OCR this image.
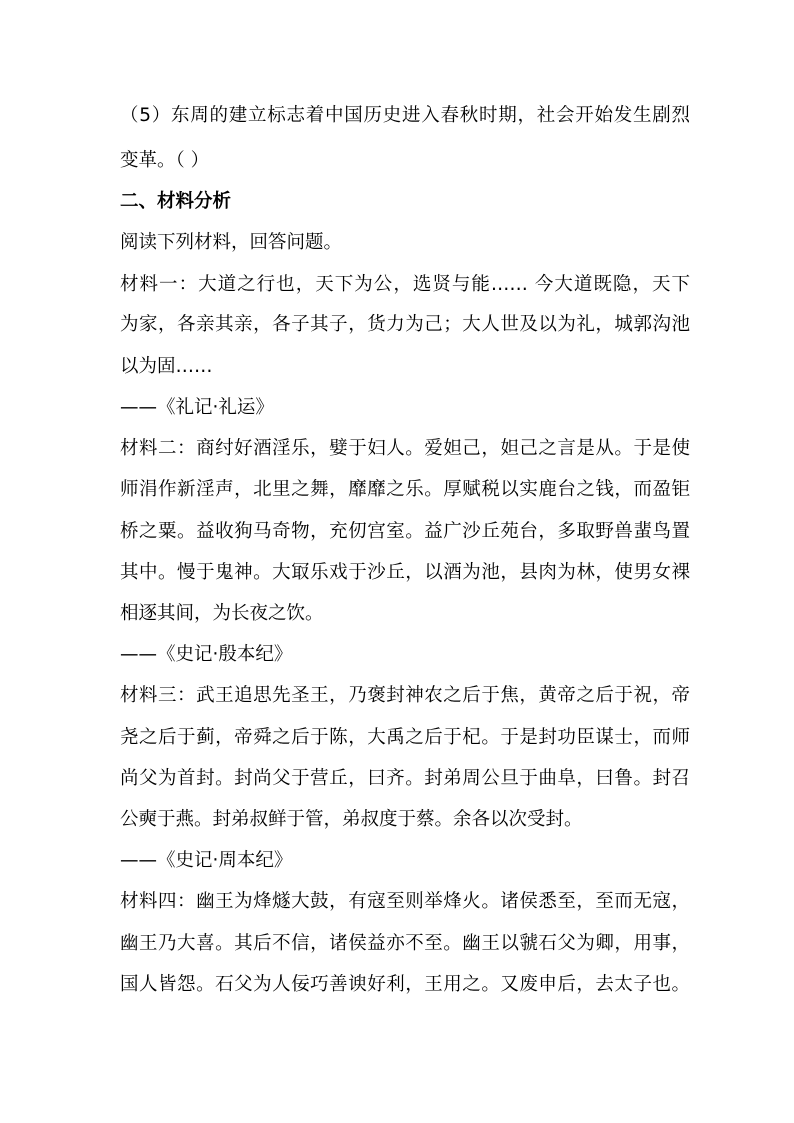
（5）东周的建立标志着中国历史进入春秋时期，社会开始发生剧烈
变革。（ ）
二、材料分析
阅读下列材料，回答问题。
材料一：大道之行也，天下为公，选贤与能…… 今大道既隐，天下
为家，各亲其亲，各子其子，货力为己；大人世及以为礼，城郭沟池
以为固……
——《礼记·礼运》
材料二：商纣好酒淫乐，嬖于妇人。爱妲己，妲己之言是从。于是使
师涓作新淫声，北里之舞，靡靡之乐。厚赋税以实鹿台之钱，而盈钜
桥之粟。益收狗马奇物，充仞宫室。益广沙丘苑台，多取野兽蜚鸟置
其中。慢于鬼神。大冣乐戏于沙丘，以酒为池，县肉为林，使男女裸
相逐其间，为长夜之饮。
——《史记·殷本纪》
材料三：武王追思先圣王，乃褒封神农之后于焦，黄帝之后于祝，帝
尧之后于蓟，帝舜之后于陈，大禹之后于杞。于是封功臣谋士，而师
尚父为首封。封尚父于营丘，曰齐。封弟周公旦于曲阜，曰鲁。封召
公奭于燕。封弟叔鲜于管，弟叔度于蔡。余各以次受封。
——《史记·周本纪》
材料四：幽王为烽燧大鼓，有寇至则举烽火。诸侯悉至，至而无寇，
幽王乃大喜。其后不信，诸侯益亦不至。幽王以虢石父为卿，用事，
国人皆怨。石父为人佞巧善谀好利，王用之。又废申后，去太子也。
